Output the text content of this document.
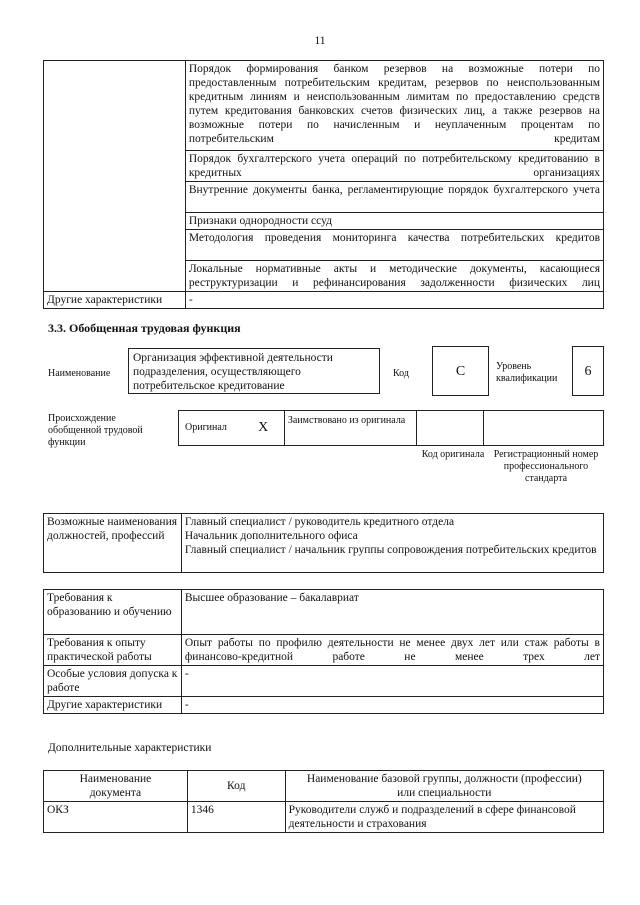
11
	Порядок формирования банком резервов на возможные потери по предоставленным потребительским кредитам, резервов по неиспользованным кредитным линиям и неиспользованным лимитам по предоставлению средств путем кредитования банковских счетов физических лиц, а также резервов на возможные потери по начисленным и неуплаченным процентам по потребительским кредитам
	Порядок бухгалтерского учета операций по потребительскому кредитованию в кредитных организациях
	Внутренние документы банка, регламентирующие порядок бухгалтерского учета
	Признаки однородности ссуд
	Методология проведения мониторинга качества потребительских кредитов
	Локальные нормативные акты и методические документы, касающиеся реструктуризации и рефинансирования задолженности физических лиц
Другие характеристики	-
3.3. Обобщенная трудовая функция
Наименование
Организация эффективной деятельности подразделения, осуществляющего потребительское кредитование
Код	С	Уровень квалификации	6
Происхождение обобщенной трудовой функции
Оригинал	Х	Заимствовано из оригинала		
Код оригинала Регистрационный номер профессионального стандарта
Возможные наименования должностей, профессий	
Главный специалист / руководитель кредитного отдела
Начальник дополнительного офиса
Главный специалист / начальник группы сопровождения потребительских кредитов
Требования к образованию и обучению	Высшее образование – бакалавриат
Требования к опыту практической работы	Опыт работы по профилю деятельности не менее двух лет или стаж работы в финансово-кредитной работе не менее трех лет
Особые условия допуска к работе	-
Другие характеристики	-
Дополнительные характеристики
Наименование документа	Код	Наименование базовой группы, должности (профессии) или специальности
ОКЗ	1346	Руководители служб и подразделений в сфере финансовой деятельности и страхования
